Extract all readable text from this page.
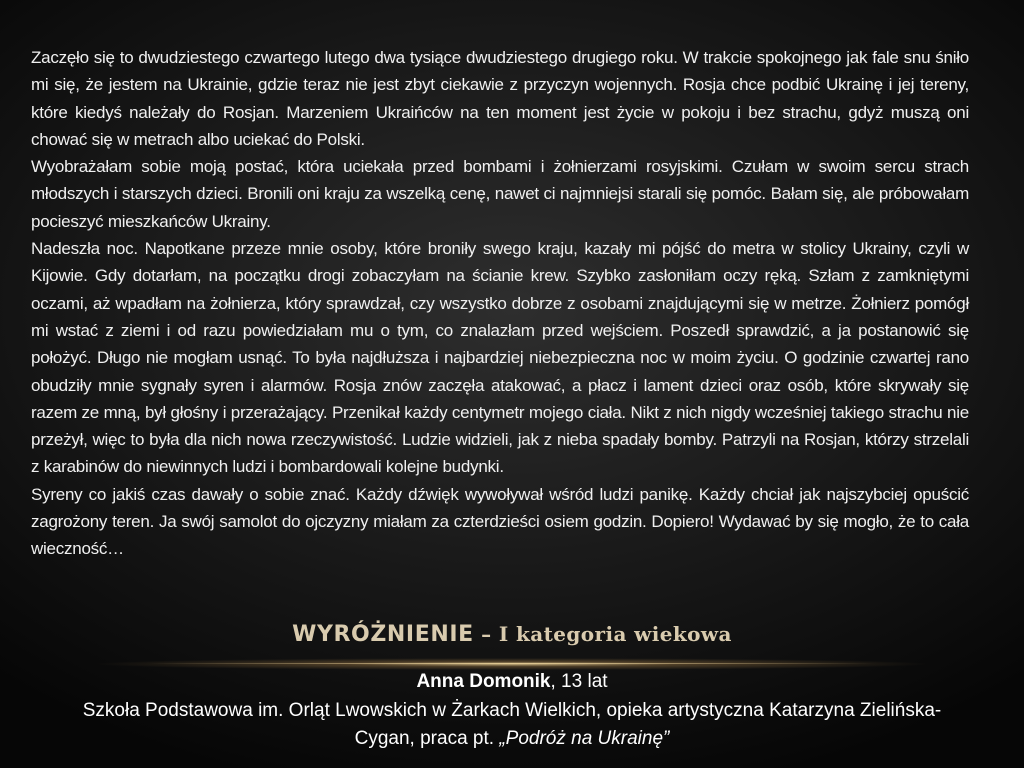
Zaczęło się to dwudziestego czwartego lutego dwa tysiące dwudziestego drugiego roku. W trakcie spokojnego jak fale snu śniło mi się, że jestem na Ukrainie, gdzie teraz nie jest zbyt ciekawie z przyczyn wojennych. Rosja chce podbić Ukrainę i jej tereny, które kiedyś należały do Rosjan. Marzeniem Ukraińców na ten moment jest życie w pokoju i bez strachu, gdyż muszą oni chować się w metrach albo uciekać do Polski.

Wyobrażałam sobie moją postać, która uciekała przed bombami i żołnierzami rosyjskimi. Czułam w swoim sercu strach młodszych i starszych dzieci. Bronili oni kraju za wszelką cenę, nawet ci najmniejsi starali się pomóc. Bałam się, ale próbowałam pocieszyć mieszkańców Ukrainy.

Nadeszła noc. Napotkane przeze mnie osoby, które broniły swego kraju, kazały mi pójść do metra w stolicy Ukrainy, czyli w Kijowie. Gdy dotarłam, na początku drogi zobaczyłam na ścianie krew. Szybko zasłoniłam oczy ręką. Szłam z zamkniętymi oczami, aż wpadłam na żołnierza, który sprawdzał, czy wszystko dobrze z osobami znajdującymi się w metrze. Żołnierz pomógł mi wstać z ziemi i od razu powiedziałam mu o tym, co znalazłam przed wejściem. Poszedł sprawdzić, a ja postanowić się położyć. Długo nie mogłam usnąć. To była najdłuższa i najbardziej niebezpieczna noc w moim życiu. O godzinie czwartej rano obudziły mnie sygnały syren i alarmów. Rosja znów zaczęła atakować, a płacz i lament dzieci oraz osób, które skrywały się razem ze mną, był głośny i przerażający. Przenikał każdy centymetr mojego ciała. Nikt z nich nigdy wcześniej takiego strachu nie przeżył, więc to była dla nich nowa rzeczywistość. Ludzie widzieli, jak z nieba spadały bomby. Patrzyli na Rosjan, którzy strzelali z karabinów do niewinnych ludzi i bombardowali kolejne budynki.

Syreny co jakiś czas dawały o sobie znać. Każdy dźwięk wywoływał wśród ludzi panikę. Każdy chciał jak najszybciej opuścić zagrożony teren. Ja swój samolot do ojczyzny miałam za czterdzieści osiem godzin. Dopiero! Wydawać by się mogło, że to cała wieczność…

WYRÓŻNIENIE – I kategoria wiekowa
Anna Domonik, 13 lat
Szkoła Podstawowa im. Orląt Lwowskich w Żarkach Wielkich, opieka artystyczna Katarzyna Zielińska-Cygan, praca pt. „Podróż na Ukrainę”
